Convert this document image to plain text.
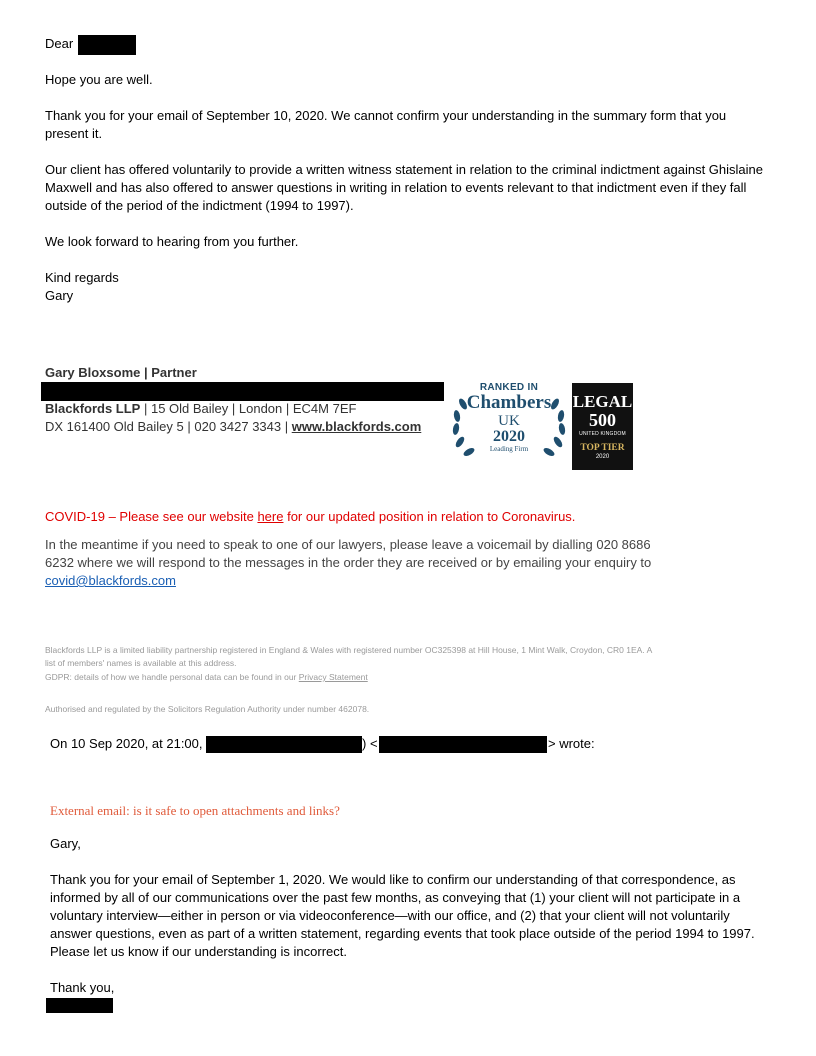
Dear

Hope you are well.

Thank you for your email of September 10, 2020. We cannot confirm your understanding in the summary form that you present it.

Our client has offered voluntarily to provide a written witness statement in relation to the criminal indictment against Ghislaine Maxwell and has also offered to answer questions in writing in relation to events relevant to that indictment even if they fall outside of the period of the indictment (1994 to 1997).

We look forward to hearing from you further.

Kind regards

Gary

Gary Bloxsome | Partner
Blackfords LLP | 15 Old Bailey | London | EC4M 7EF
DX 161400 Old Bailey 5 | 020 3427 3343 | www.blackfords.com
RANKED IN
Chambers
UK
2020
Leading Firm
LEGAL
500
UNITED KINGDOM
TOP TIER
2020
COVID-19 – Please see our website here for our updated position in relation to Coronavirus.
In the meantime if you need to speak to one of our lawyers, please leave a voicemail by dialling 020 8686 6232 where we will respond to the messages in the order they are received or by emailing your enquiry to covid@blackfords.com

Blackfords LLP is a limited liability partnership registered in England & Wales with registered number OC325398 at Hill House, 1 Mint Walk, Croydon, CR0 1EA. A list of members' names is available at this address.

GDPR: details of how we handle personal data can be found in our Privacy Statement

Authorised and regulated by the Solicitors Regulation Authority under number 462078.

On 10 Sep 2020, at 21:00,	) <	> wrote:
External email: is it safe to open attachments and links?

Gary,

Thank you for your email of September 1, 2020. We would like to confirm our understanding of that correspondence, as informed by all of our communications over the past few months, as conveying that (1) your client will not participate in a voluntary interview—either in person or via videoconference—with our office, and (2) that your client will not voluntarily answer questions, even as part of a written statement, regarding events that took place outside of the period 1994 to 1997. Please let us know if our understanding is incorrect.

Thank you,
